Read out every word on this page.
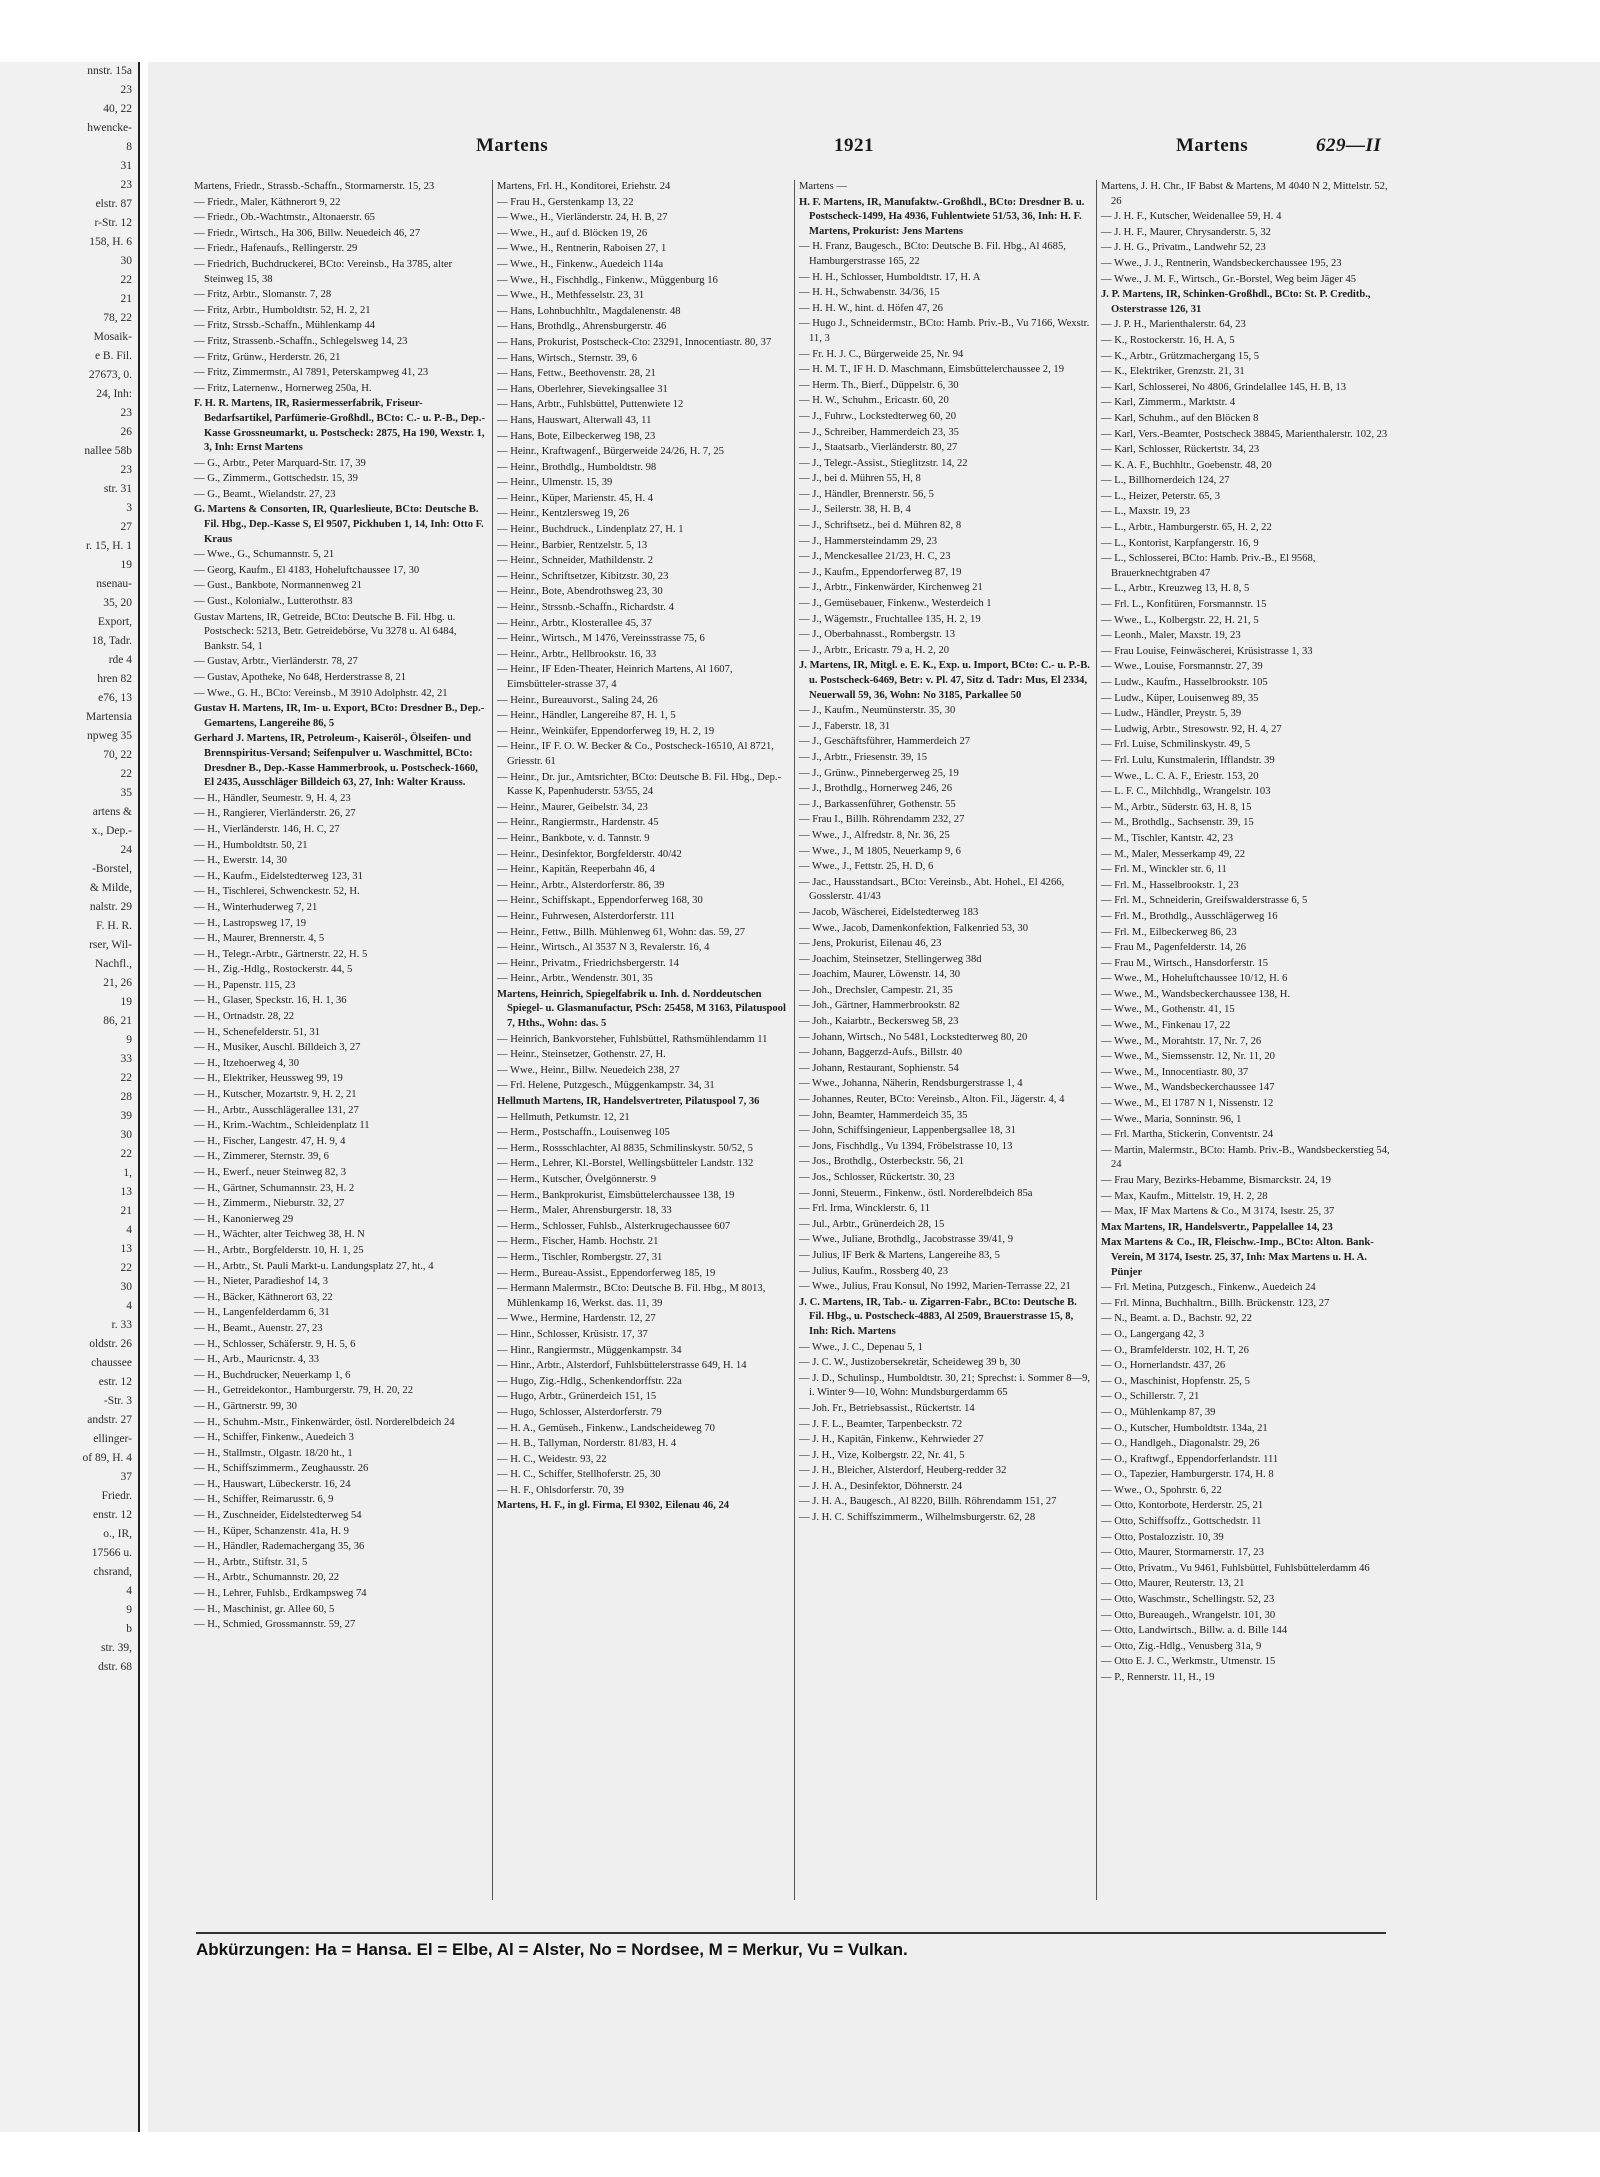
nnstr. 15a
23
40, 22
hwencke-
8
31
23
elstr. 87
r-Str. 12
158, H. 6
30
22
21
78, 22
Mosaik-
e B. Fil.
27673, 0.
24, Inh:
23
26
nallee 58b
23
str. 31
3
27
r. 15, H. 1
19
nsenau-
35, 20
Export,
18, Tadr.
rde 4
hren 82
e76, 13
Martensia
npweg 35
70, 22
22
35
artens &
x., Dep.-
24
-Borstel,
& Milde,
nalstr. 29
F. H. R.
rser, Wil-
Nachfl.,
21, 26
19
86, 21
9
33
22
28
39
30
22
1,
13
21
4
13
22
30
4
r. 33
oldstr. 26
chaussee
estr. 12
-Str. 3
andstr. 27
ellinger-
of 89, H. 4
37
Friedr.
enstr. 12
o., IR,
17566 u.
chsrand,
4
9
b
str. 39,
dstr. 68
Martens	1921	Martens	629—II
Martens, Friedr., Strassb.-Schaffn., Stormarnerstr. 15, 23
— Friedr., Maler, Käthnerort 9, 22
— Friedr., Ob.-Wachtmstr., Altonaerstr. 65
— Friedr., Wirtsch., Ha 306, Billw. Neuedeich 46, 27
— Friedr., Hafenaufs., Rellingerstr. 29
— Friedrich, Buchdruckerei, BCto: Vereinsb., Ha 3785, alter Steinweg 15, 38
— Fritz, Arbtr., Slomanstr. 7, 28
— Fritz, Arbtr., Humboldtstr. 52, H. 2, 21
— Fritz, Strssb.-Schaffn., Mühlenkamp 44
— Fritz, Strassenb.-Schaffn., Schlegelsweg 14, 23
— Fritz, Grünw., Herderstr. 26, 21
— Fritz, Zimmermstr., Al 7891, Peterskampweg 41, 23
— Fritz, Laternenw., Hornerweg 250a, H.
F. H. R. Martens, IR, Rasiermesserfabrik, Friseur-Bedarfsartikel, Parfümerie-Großhdl., BCto: C.- u. P.-B., Dep.-Kasse Grossneumarkt, u. Postscheck: 2875, Ha 190, Wexstr. 1, 3, Inh: Ernst Martens
— G., Arbtr., Peter Marquard-Str. 17, 39
— G., Zimmerm., Gottschedstr. 15, 39
— G., Beamt., Wielandstr. 27, 23
G. Martens & Consorten, IR, Quarleslieute, BCto: Deutsche B. Fil. Hbg., Dep.-Kasse S, El 9507, Pickhuben 1, 14, Inh: Otto F. Kraus
— Wwe., G., Schumannstr. 5, 21
— Georg, Kaufm., El 4183, Hoheluftchaussee 17, 30
— Gust., Bankbote, Normannenweg 21
— Gust., Kolonialw., Lutterothstr. 83
Gustav Martens, IR, Getreide, BCto: Deutsche B. Fil. Hbg. u. Postscheck: 5213, Betr. Getreidebörse, Vu 3278 u. Al 6484, Bankstr. 54, 1
— Gustav, Arbtr., Vierländerstr. 78, 27
— Gustav, Apotheke, No 648, Herderstrasse 8, 21
— Wwe., G. H., BCto: Vereinsb., M 3910 Adolphstr. 42, 21
Gustav H. Martens, IR, Im- u. Export, BCto: Dresdner B., Dep.-Gemartens, Langereihe 86, 5
Gerhard J. Martens, IR, Petroleum-, Kaiseröl-, Ölseifen- und Brennspiritus-Versand; Seifenpulver u. Waschmittel, BCto: Dresdner B., Dep.-Kasse Hammerbrook, u. Postscheck-1660, El 2435, Ausschläger Billdeich 63, 27, Inh: Walter Krauss.
— H., Händler, Seumestr. 9, H. 4, 23
— H., Rangierer, Vierländerstr. 26, 27
— H., Vierländerstr. 146, H. C, 27
— H., Humboldtstr. 50, 21
— H., Ewerstr. 14, 30
— H., Kaufm., Eidelstedterweg 123, 31
— H., Tischlerei, Schwenckestr. 52, H.
— H., Winterhuderweg 7, 21
— H., Lastropsweg 17, 19
— H., Maurer, Brennerstr. 4, 5
— H., Telegr.-Arbtr., Gärtnerstr. 22, H. 5
— H., Zig.-Hdlg., Rostockerstr. 44, 5
— H., Papenstr. 115, 23
— H., Glaser, Speckstr. 16, H. 1, 36
— H., Ortnadstr. 28, 22
— H., Schenefelderstr. 51, 31
— H., Musiker, Auschl. Billdeich 3, 27
— H., Itzehoerweg 4, 30
— H., Elektriker, Heussweg 99, 19
— H., Kutscher, Mozartstr. 9, H. 2, 21
— H., Arbtr., Ausschlägerallee 131, 27
— H., Krim.-Wachtm., Schleidenplatz 11
— H., Fischer, Langestr. 47, H. 9, 4
— H., Zimmerer, Sternstr. 39, 6
— H., Ewerf., neuer Steinweg 82, 3
— H., Gärtner, Schumannstr. 23, H. 2
— H., Zimmerm., Nieburstr. 32, 27
— H., Kanonierweg 29
— H., Wächter, alter Teichweg 38, H. N
— H., Arbtr., Borgfelderstr. 10, H. 1, 25
— H., Arbtr., St. Pauli Markt-u. Landungsplatz 27, ht., 4
— H., Nieter, Paradieshof 14, 3
— H., Bäcker, Käthnerort 63, 22
— H., Langenfelderdamm 6, 31
— H., Beamt., Auenstr. 27, 23
— H., Schlosser, Schäferstr. 9, H. 5, 6
— H., Arb., Mauricnstr. 4, 33
— H., Buchdrucker, Neuerkamp 1, 6
— H., Getreidekontor., Hamburgerstr. 79, H. 20, 22
— H., Gärtnerstr. 99, 30
— H., Schuhm.-Mstr., Finkenwärder, östl. Norderelbdeich 24
— H., Schiffer, Finkenw., Auedeich 3
— H., Stallmstr., Olgastr. 18/20 ht., 1
— H., Schiffszimmerm., Zeughausstr. 26
— H., Hauswart, Lübeckerstr. 16, 24
— H., Schiffer, Reimarusstr. 6, 9
— H., Zuschneider, Eidelstedterweg 54
— H., Küper, Schanzenstr. 41a, H. 9
— H., Händler, Rademachergang 35, 36
— H., Arbtr., Stiftstr. 31, 5
— H., Arbtr., Schumannstr. 20, 22
— H., Lehrer, Fuhlsb., Erdkampsweg 74
— H., Maschinist, gr. Allee 60, 5
— H., Schmied, Grossmannstr. 59, 27
Martens, Frl. H., Konditorei, Eriehstr. 24
— Frau H., Gerstenkamp 13, 22
— Wwe., H., Vierländerstr. 24, H. B, 27
— Wwe., H., auf d. Blöcken 19, 26
— Wwe., H., Rentnerin, Raboisen 27, 1
— Wwe., H., Finkenw., Auedeich 114a
— Wwe., H., Fischhdlg., Finkenw., Müggenburg 16
— Wwe., H., Methfesselstr. 23, 31
— Hans, Lohnbuchhltr., Magdalenenstr. 48
— Hans, Brothdlg., Ahrensburgerstr. 46
— Hans, Prokurist, Postscheck-Cto: 23291, Innocentiastr. 80, 37
— Hans, Wirtsch., Sternstr. 39, 6
— Hans, Fettw., Beethovenstr. 28, 21
— Hans, Oberlehrer, Sievekingsallee 31
— Hans, Arbtr., Fuhlsbüttel, Puttenwiete 12
— Hans, Hauswart, Alterwall 43, 11
— Hans, Bote, Eilbeckerweg 198, 23
— Heinr., Kraftwagenf., Bürgerweide 24/26, H. 7, 25
— Heinr., Brothdlg., Humboldtstr. 98
— Heinr., Ulmenstr. 15, 39
— Heinr., Küper, Marienstr. 45, H. 4
— Heinr., Kentzlersweg 19, 26
— Heinr., Buchdruck., Lindenplatz 27, H. 1
— Heinr., Barbier, Rentzelstr. 5, 13
— Heinr., Schneider, Mathildenstr. 2
— Heinr., Schriftsetzer, Kibitzstr. 30, 23
— Heinr., Bote, Abendrothsweg 23, 30
— Heinr., Strssnb.-Schaffn., Richardstr. 4
— Heinr., Arbtr., Klosterallee 45, 37
— Heinr., Wirtsch., M 1476, Vereinsstrasse 75, 6
— Heinr., Arbtr., Hellbrookstr. 16, 33
— Heinr., IF Eden-Theater, Heinrich Martens, Al 1607, Eimsbütteler-strasse 37, 4
— Heinr., Bureauvorst., Saling 24, 26
— Heinr., Händler, Langereihe 87, H. 1, 5
— Heinr., Weinküfer, Eppendorferweg 19, H. 2, 19
— Heinr., IF F. O. W. Becker & Co., Postscheck-16510, Al 8721, Griesstr. 61
— Heinr., Dr. jur., Amtsrichter, BCto: Deutsche B. Fil. Hbg., Dep.-Kasse K, Papenhuderstr. 53/55, 24
— Heinr., Maurer, Geibelstr. 34, 23
— Heinr., Rangiermstr., Hardenstr. 45
— Heinr., Bankbote, v. d. Tannstr. 9
— Heinr., Desinfektor, Borgfelderstr. 40/42
— Heinr., Kapitän, Reeperbahn 46, 4
— Heinr., Arbtr., Alsterdorferstr. 86, 39
— Heinr., Schiffskapt., Eppendorferweg 168, 30
— Heinr., Fuhrwesen, Alsterdorferstr. 111
— Heinr., Fettw., Billh. Mühlenweg 61, Wohn: das. 59, 27
— Heinr., Wirtsch., Al 3537 N 3, Revalerstr. 16, 4
— Heinr., Privatm., Friedrichsbergerstr. 14
— Heinr., Arbtr., Wendenstr. 301, 35
Martens, Heinrich, Spiegelfabrik u. Inh. d. Norddeutschen Spiegel- u. Glasmanufactur, PSch: 25458, M 3163, Pilatuspool 7, Hths., Wohn: das. 5
— Heinrich, Bankvorsteher, Fuhlsbüttel, Rathsmühlendamm 11
— Heinr., Steinsetzer, Gothenstr. 27, H.
— Wwe., Heinr., Billw. Neuedeich 238, 27
— Frl. Helene, Putzgesch., Müggenkampstr. 34, 31
Hellmuth Martens, IR, Handelsvertreter, Pilatuspool 7, 36
— Hellmuth, Petkumstr. 12, 21
— Herm., Postschaffn., Louisenweg 105
— Herm., Rossschlachter, Al 8835, Schmilinskystr. 50/52, 5
— Herm., Lehrer, Kl.-Borstel, Wellingsbütteler Landstr. 132
— Herm., Kutscher, Övelgönnerstr. 9
— Herm., Bankprokurist, Eimsbüttelerchaussee 138, 19
— Herm., Maler, Ahrensburgerstr. 18, 33
— Herm., Schlosser, Fuhlsb., Alsterkrugechaussee 607
— Herm., Fischer, Hamb. Hochstr. 21
— Herm., Tischler, Rombergstr. 27, 31
— Herm., Bureau-Assist., Eppendorferweg 185, 19
— Hermann Malermstr., BCto: Deutsche B. Fil. Hbg., M 8013, Mühlenkamp 16, Werkst. das. 11, 39
— Wwe., Hermine, Hardenstr. 12, 27
— Hinr., Schlosser, Krüsistr. 17, 37
— Hinr., Rangiermstr., Müggenkampstr. 34
— Hinr., Arbtr., Alsterdorf, Fuhlsbüttelerstrasse 649, H. 14
— Hugo, Zig.-Hdlg., Schenkendorffstr. 22a
— Hugo, Arbtr., Grünerdeich 151, 15
— Hugo, Schlosser, Alsterdorferstr. 79
— H. A., Gemüseh., Finkenw., Landscheideweg 70
— H. B., Tallyman, Norderstr. 81/83, H. 4
— H. C., Weidestr. 93, 22
— H. C., Schiffer, Stellhoferstr. 25, 30
— H. F., Ohlsdorferstr. 70, 39
Martens, H. F., in gl. Firma, El 9302, Eilenau 46, 24
Martens —
H. F. Martens, IR, Manufaktw.-Großhdl., BCto: Dresdner B. u. Postscheck-1499, Ha 4936, Fuhlentwiete 51/53, 36, Inh: H. F. Martens, Prokurist: Jens Martens
— H. Franz, Baugesch., BCto: Deutsche B. Fil. Hbg., Al 4685, Hamburgerstrasse 165, 22
— H. H., Schlosser, Humboldtstr. 17, H. A
— H. H., Schwabenstr. 34/36, 15
— H. H. W., hint. d. Höfen 47, 26
— Hugo J., Schneidermstr., BCto: Hamb. Priv.-B., Vu 7166, Wexstr. 11, 3
— Fr. H. J. C., Bürgerweide 25, Nr. 94
— H. M. T., IF H. D. Maschmann, Eimsbüttelerchaussee 2, 19
— Herm. Th., Bierf., Düppelstr. 6, 30
— H. W., Schuhm., Ericastr. 60, 20
— J., Fuhrw., Lockstedterweg 60, 20
— J., Schreiber, Hammerdeich 23, 35
— J., Staatsarb., Vierländerstr. 80, 27
— J., Telegr.-Assist., Stieglitzstr. 14, 22
— J., bei d. Mühren 55, H, 8
— J., Händler, Brennerstr. 56, 5
— J., Seilerstr. 38, H. B, 4
— J., Schriftsetz., bei d. Mühren 82, 8
— J., Hammersteindamm 29, 23
— J., Menckesallee 21/23, H. C, 23
— J., Kaufm., Eppendorferweg 87, 19
— J., Arbtr., Finkenwärder, Kirchenweg 21
— J., Gemüsebauer, Finkenw., Westerdeich 1
— J., Wägemstr., Fruchtallee 135, H. 2, 19
— J., Oberbahnasst., Rombergstr. 13
— J., Arbtr., Ericastr. 79 a, H. 2, 20
J. Martens, IR, Mitgl. e. E. K., Exp. u. Import, BCto: C.- u. P.-B. u. Postscheck-6469, Betr: v. Pl. 47, Sitz d. Tadr: Mus, El 2334, Neuerwall 59, 36, Wohn: No 3185, Parkallee 50
— J., Kaufm., Neumünsterstr. 35, 30
— J., Faberstr. 18, 31
— J., Geschäftsführer, Hammerdeich 27
— J., Arbtr., Friesenstr. 39, 15
— J., Grünw., Pinnebergerweg 25, 19
— J., Brothdlg., Hornerweg 246, 26
— J., Barkassenführer, Gothenstr. 55
— Frau I., Billh. Röhrendamm 232, 27
— Wwe., J., Alfredstr. 8, Nr. 36, 25
— Wwe., J., M 1805, Neuerkamp 9, 6
— Wwe., J., Fettstr. 25, H. D, 6
— Jac., Hausstandsart., BCto: Vereinsb., Abt. Hohel., El 4266, Gosslerstr. 41/43
— Jacob, Wäscherei, Eidelstedterweg 183
— Wwe., Jacob, Damenkonfektion, Falkenried 53, 30
— Jens, Prokurist, Eilenau 46, 23
— Joachim, Steinsetzer, Stellingerweg 38d
— Joachim, Maurer, Löwenstr. 14, 30
— Joh., Drechsler, Campestr. 21, 35
— Joh., Gärtner, Hammerbrookstr. 82
— Joh., Kaiarbtr., Beckersweg 58, 23
— Johann, Wirtsch., No 5481, Lockstedterweg 80, 20
— Johann, Baggerzd-Aufs., Billstr. 40
— Johann, Restaurant, Sophienstr. 54
— Wwe., Johanna, Näherin, Rendsburgerstrasse 1, 4
— Johannes, Reuter, BCto: Vereinsb., Alton. Fil., Jägerstr. 4, 4
— John, Beamter, Hammerdeich 35, 35
— John, Schiffsingenieur, Lappenbergsallee 18, 31
— Jons, Fischhdlg., Vu 1394, Fröbelstrasse 10, 13
— Jos., Brothdlg., Osterbeckstr. 56, 21
— Jos., Schlosser, Rückertstr. 30, 23
— Jonni, Steuerm., Finkenw., östl. Norderelbdeich 85a
— Frl. Irma, Wincklerstr. 6, 11
— Jul., Arbtr., Grünerdeich 28, 15
— Wwe., Juliane, Brothdlg., Jacobstrasse 39/41, 9
— Julius, IF Berk & Martens, Langereihe 83, 5
— Julius, Kaufm., Rossberg 40, 23
— Wwe., Julius, Frau Konsul, No 1992, Marien-Terrasse 22, 21
J. C. Martens, IR, Tab.- u. Zigarren-Fabr., BCto: Deutsche B. Fil. Hbg., u. Postscheck-4883, Al 2509, Brauerstrasse 15, 8, Inh: Rich. Martens
— Wwe., J. C., Depenau 5, 1
— J. C. W., Justizobersekretär, Scheideweg 39 b, 30
— J. D., Schulinsp., Humboldtstr. 30, 21; Sprechst: i. Sommer 8—9, i. Winter 9—10, Wohn: Mundsburgerdamm 65
— Joh. Fr., Betriebsassist., Rückertstr. 14
— J. F. L., Beamter, Tarpenbeckstr. 72
— J. H., Kapitän, Finkenw., Kehrwieder 27
— J. H., Vize, Kolbergstr. 22, Nr. 41, 5
— J. H., Bleicher, Alsterdorf, Heuberg-redder 32
— J. H. A., Desinfektor, Döhnerstr. 24
— J. H. A., Baugesch., Al 8220, Billh. Röhrendamm 151, 27
— J. H. C. Schiffszimmerm., Wilhelmsburgerstr. 62, 28
Martens, J. H. Chr., IF Babst & Martens, M 4040 N 2, Mittelstr. 52, 26
— J. H. F., Kutscher, Weidenallee 59, H. 4
— J. H. F., Maurer, Chrysanderstr. 5, 32
— J. H. G., Privatm., Landwehr 52, 23
— Wwe., J. J., Rentnerin, Wandsbeckerchaussee 195, 23
— Wwe., J. M. F., Wirtsch., Gr.-Borstel, Weg beim Jäger 45
J. P. Martens, IR, Schinken-Großhdl., BCto: St. P. Creditb., Osterstrasse 126, 31
— J. P. H., Marienthalerstr. 64, 23
— K., Rostockerstr. 16, H. A, 5
— K., Arbtr., Grützmachergang 15, 5
— K., Elektriker, Grenzstr. 21, 31
— Karl, Schlosserei, No 4806, Grindelallee 145, H. B, 13
— Karl, Zimmerm., Marktstr. 4
— Karl, Schuhm., auf den Blöcken 8
— Karl, Vers.-Beamter, Postscheck 38845, Marienthalerstr. 102, 23
— Karl, Schlosser, Rückertstr. 34, 23
— K. A. F., Buchhltr., Goebenstr. 48, 20
— L., Billhornerdeich 124, 27
— L., Heizer, Peterstr. 65, 3
— L., Maxstr. 19, 23
— L., Arbtr., Hamburgerstr. 65, H. 2, 22
— L., Kontorist, Karpfangerstr. 16, 9
— L., Schlosserei, BCto: Hamb. Priv.-B., El 9568, Brauerknechtgraben 47
— L., Arbtr., Kreuzweg 13, H. 8, 5
— Frl. L., Konfitüren, Forsmannstr. 15
— Wwe., L., Kolbergstr. 22, H. 21, 5
— Leonh., Maler, Maxstr. 19, 23
— Frau Louise, Feinwäscherei, Krüsistrasse 1, 33
— Wwe., Louise, Forsmannstr. 27, 39
— Ludw., Kaufm., Hasselbrookstr. 105
— Ludw., Küper, Louisenweg 89, 35
— Ludw., Händler, Preystr. 5, 39
— Ludwig, Arbtr., Stresowstr. 92, H. 4, 27
— Frl. Luise, Schmilinskystr. 49, 5
— Frl. Lulu, Kunstmalerin, Ifflandstr. 39
— Wwe., L. C. A. F., Eriestr. 153, 20
— L. F. C., Milchhdlg., Wrangelstr. 103
— M., Arbtr., Süderstr. 63, H. 8, 15
— M., Brothdlg., Sachsenstr. 39, 15
— M., Tischler, Kantstr. 42, 23
— M., Maler, Messerkamp 49, 22
— Frl. M., Winckler str. 6, 11
— Frl. M., Hasselbrookstr. 1, 23
— Frl. M., Schneiderin, Greifswalderstrasse 6, 5
— Frl. M., Brothdlg., Ausschlägerweg 16
— Frl. M., Eilbeckerweg 86, 23
— Frau M., Pagenfelderstr. 14, 26
— Frau M., Wirtsch., Hansdorferstr. 15
— Wwe., M., Hoheluftchaussee 10/12, H. 6
— Wwe., M., Wandsbeckerchaussee 138, H.
— Wwe., M., Gothenstr. 41, 15
— Wwe., M., Finkenau 17, 22
— Wwe., M., Morahtstr. 17, Nr. 7, 26
— Wwe., M., Siemssenstr. 12, Nr. 11, 20
— Wwe., M., Innocentiastr. 80, 37
— Wwe., M., Wandsbeckerchaussee 147
— Wwe., M., El 1787 N 1, Nissenstr. 12
— Wwe., Maria, Sonninstr. 96, 1
— Frl. Martha, Stickerin, Conventstr. 24
— Martin, Malermstr., BCto: Hamb. Priv.-B., Wandsbeckerstieg 54, 24
— Frau Mary, Bezirks-Hebamme, Bismarckstr. 24, 19
— Max, Kaufm., Mittelstr. 19, H. 2, 28
— Max, IF Max Martens & Co., M 3174, Isestr. 25, 37
Max Martens, IR, Handelsvertr., Pappelallee 14, 23
Max Martens & Co., IR, Fleischw.-Imp., BCto: Alton. Bank-Verein, M 3174, Isestr. 25, 37, Inh: Max Martens u. H. A. Pünjer
— Frl. Metina, Putzgesch., Finkenw., Auedeich 24
— Frl. Minna, Buchhaltrn., Billh. Brückenstr. 123, 27
— N., Beamt. a. D., Bachstr. 92, 22
— O., Langergang 42, 3
— O., Bramfelderstr. 102, H. T, 26
— O., Hornerlandstr. 437, 26
— O., Maschinist, Hopfenstr. 25, 5
— O., Schillerstr. 7, 21
— O., Mühlenkamp 87, 39
— O., Kutscher, Humboldtstr. 134a, 21
— O., Handlgeh., Diagonalstr. 29, 26
— O., Kraftwgf., Eppendorferlandstr. 111
— O., Tapezier, Hamburgerstr. 174, H. 8
— Wwe., O., Spohrstr. 6, 22
— Otto, Kontorbote, Herderstr. 25, 21
— Otto, Schiffsoffz., Gottschedstr. 11
— Otto, Postalozzistr. 10, 39
— Otto, Maurer, Stormarnerstr. 17, 23
— Otto, Privatm., Vu 9461, Fuhlsbüttel, Fuhlsbüttelerdamm 46
— Otto, Maurer, Reuterstr. 13, 21
— Otto, Waschmstr., Schellingstr. 52, 23
— Otto, Bureaugeh., Wrangelstr. 101, 30
— Otto, Landwirtsch., Billw. a. d. Bille 144
— Otto, Zig.-Hdlg., Venusberg 31a, 9
— Otto E. J. C., Werkmstr., Utmenstr. 15
— P., Rennerstr. 11, H., 19
Abkürzungen: Ha = Hansa. El = Elbe, Al = Alster, No = Nordsee, M = Merkur, Vu = Vulkan.
